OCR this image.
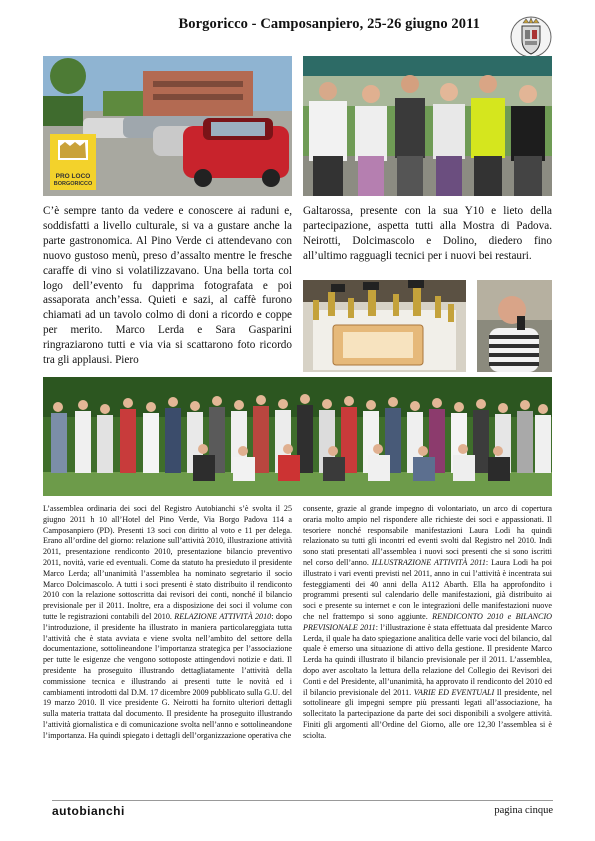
Borgoricco - Camposanpiero, 25-26 giugno 2011
PRO LOCO
BORGORICCO

C’è sempre tanto da vedere e conoscere ai raduni e, soddisfatti a livello culturale, si va a gustare anche la parte gastronomica. Al Pino Verde ci attendevano con nuovo gustoso menù, preso d’assalto mentre le fresche caraffe di vino si volatilizzavano. Una bella torta col logo dell’evento fu dapprima fotografata e poi assaporata anch’essa. Quieti e sazi, al caffè furono chiamati ad un tavolo colmo di doni a ricordo e coppe per merito. Marco Lerda e Sara Gasparini ringraziarono tutti e via via si scattarono foto ricordo tra gli applausi. Piero

Galtarossa, presente con la sua Y10 e lieto della partecipazione, aspetta tutti alla Mostra di Padova. Neirotti, Dolcimascolo e Dolino, diedero fino all’ultimo ragguagli tecnici per i nuovi bei restauri.

L’assemblea ordinaria dei soci del Registro Autobianchi s’è svolta il 25 giugno 2011 h 10 all’Hotel del Pino Verde, Via Borgo Padova 114 a Camposanpiero (PD). Presenti 13 soci con diritto al voto e 11 per delega. Erano all’ordine del giorno: relazione sull’attività 2010, illustrazione attività 2011, presentazione rendiconto 2010, presentazione bilancio preventivo 2011, novità, varie ed eventuali. Come da statuto ha presieduto il presidente Marco Lerda; all’unanimità l’assemblea ha nominato segretario il socio Marco Dolcimascolo. A tutti i soci presenti è stato distribuito il rendiconto 2010 con la relazione sottoscritta dai revisori dei conti, nonché il bilancio previsionale per il 2011. Inoltre, era a disposizione dei soci il volume con tutte le registrazioni contabili del 2010. RELAZIONE ATTIVITÀ 2010: dopo l’introduzione, il presidente ha illustrato in maniera particolareggiata tutta l’attività che è stata avviata e viene svolta nell’ambito del settore della documentazione, sottolineandone l’importanza strategica per l’associazione per tutte le esigenze che vengono sottoposte attingendovi notizie e dati. Il presidente ha proseguito illustrando dettagliatamente l’attività della commissione tecnica e illustrando ai presenti tutte le novità ed i cambiamenti introdotti dal D.M. 17 dicembre 2009 pubblicato sulla G.U. del 19 marzo 2010. Il vice presidente G. Neirotti ha fornito ulteriori dettagli sulla materia trattata dal documento. Il presidente ha proseguito illustrando l’attività giornalistica e di comunicazione svolta nell’anno e sottolineandone l’importanza. Ha quindi spiegato i dettagli dell’organizzazione operativa che

consente, grazie al grande impegno di volontariato, un arco di copertura oraria molto ampio nel rispondere alle richieste dei soci e appassionati. Il tesoriere nonché responsabile manifestazioni Laura Lodi ha quindi relazionato su tutti gli incontri ed eventi svolti dal Registro nel 2010. Indi sono stati presentati all’assemblea i nuovi soci presenti che si sono iscritti nel corso dell’anno. ILLUSTRAZIONE ATTIVITÀ 2011: Laura Lodi ha poi illustrato i vari eventi previsti nel 2011, anno in cui l’attività è incentrata sui festeggiamenti dei 40 anni della A112 Abarth. Ella ha approfondito i programmi presenti sul calendario delle manifestazioni, già distribuito ai soci e presente su internet e con le integrazioni delle manifestazioni nuove che nel frattempo si sono aggiunte. RENDICONTO 2010 e BILANCIO PREVISIONALE 2011: l’illustrazione è stata effettuata dal presidente Marco Lerda, il quale ha dato spiegazione analitica delle varie voci del bilancio, dal quale è emerso una situazione di attivo della gestione. Il presidente Marco Lerda ha quindi illustrato il bilancio previsionale per il 2011. L’assemblea, dopo aver ascoltato la lettura della relazione del Collegio dei Revisori dei Conti e del Presidente, all’unanimità, ha approvato il rendiconto del 2010 ed il bilancio previsionale del 2011. VARIE ED EVENTUALI Il presidente, nel sottolineare gli impegni sempre più pressanti legati all’associazione, ha sollecitato la partecipazione da parte dei soci disponibili a svolgere attività. Finiti gli argomenti all’Ordine del Giorno, alle ore 12,30 l’assemblea si è sciolta.

autobianchi	pagina cinque
